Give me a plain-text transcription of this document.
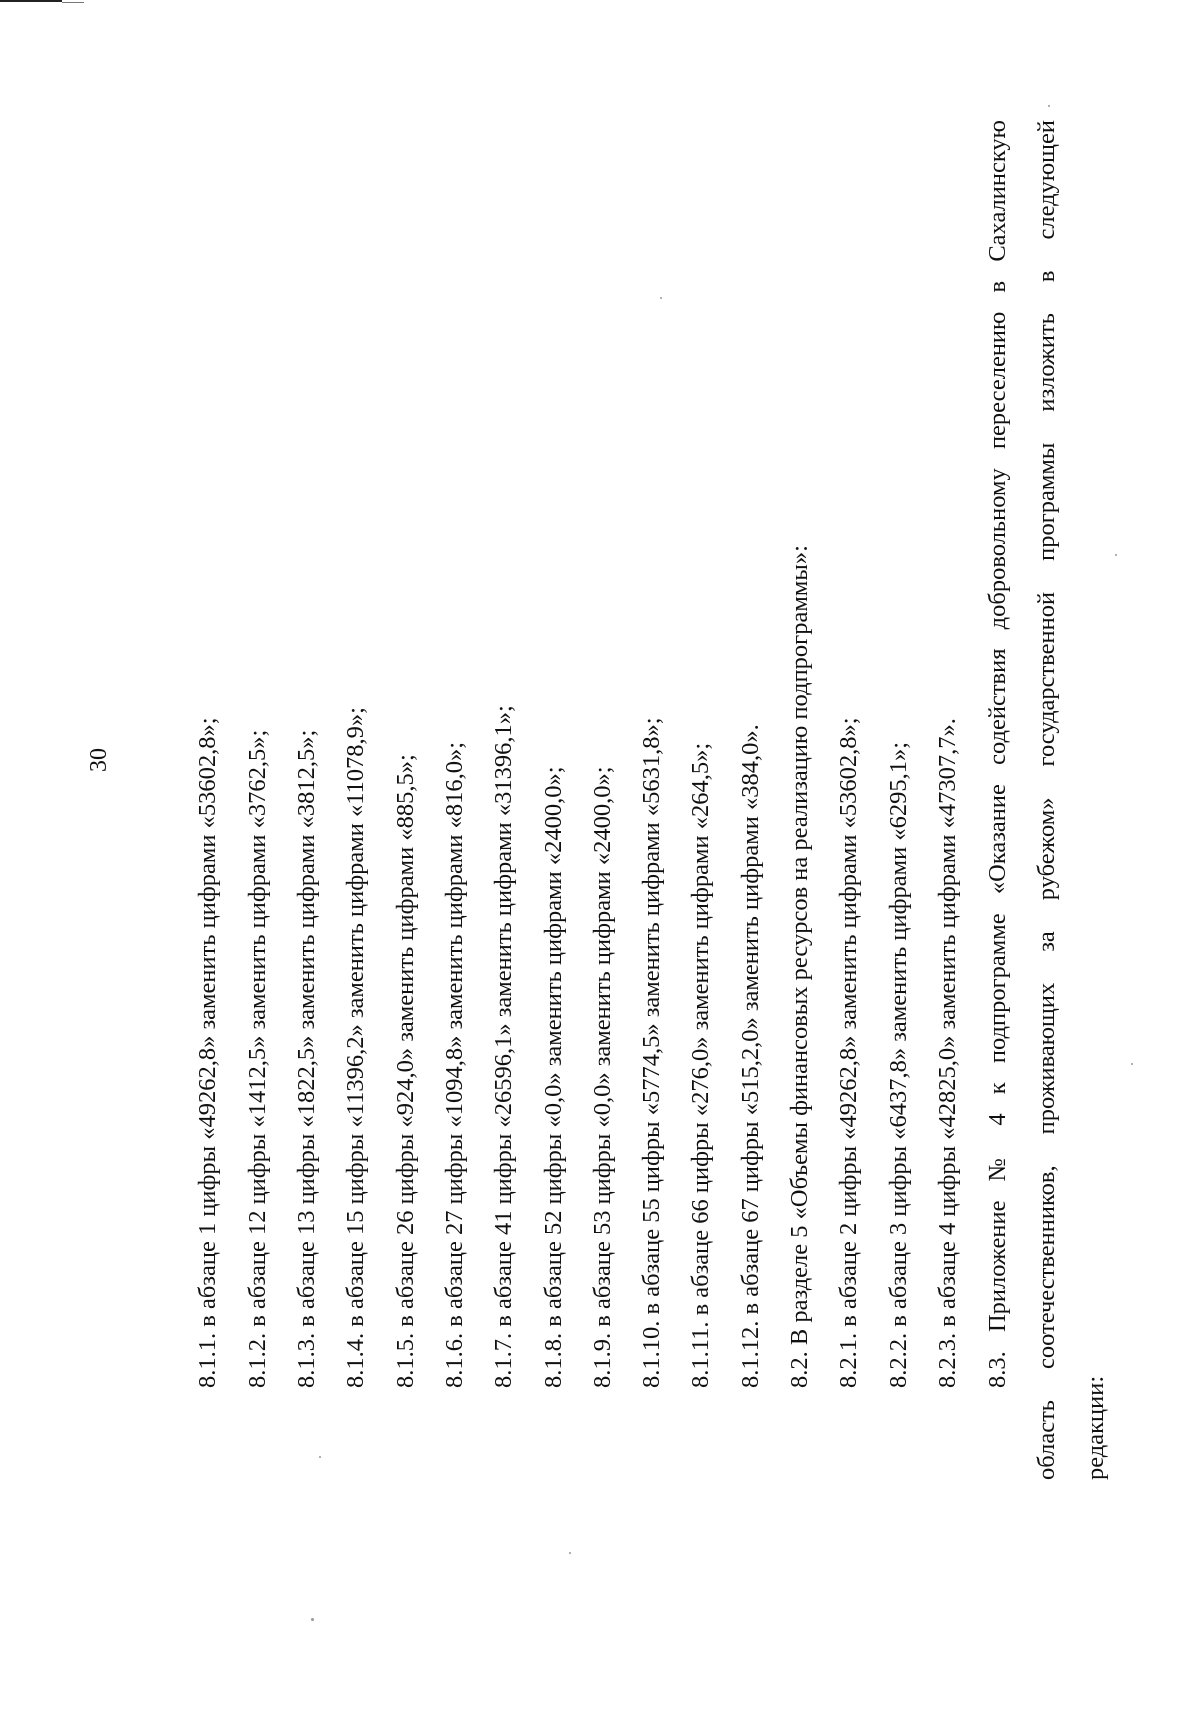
30	8.1.1. в абзаце 1 цифры «49262,8» заменить цифрами «53602,8»; 8.1.2. в абзаце 12 цифры «1412,5» заменить цифрами «3762,5»; 8.1.3. в абзаце 13 цифры «1822,5» заменить цифрами «3812,5»; 8.1.4. в абзаце 15 цифры «11396,2» заменить цифрами «11078,9»; 8.1.5. в абзаце 26 цифры «924,0» заменить цифрами «885,5»; 8.1.6. в абзаце 27 цифры «1094,8» заменить цифрами «816,0»; 8.1.7. в абзаце 41 цифры «26596,1» заменить цифрами «31396,1»; 8.1.8. в абзаце 52 цифры «0,0» заменить цифрами «2400,0»; 8.1.9. в абзаце 53 цифры «0,0» заменить цифрами «2400,0»; 8.1.10. в абзаце 55 цифры «5774,5» заменить цифрами «5631,8»; 8.1.11. в абзаце 66 цифры «276,0» заменить цифрами «264,5»; 8.1.12. в абзаце 67 цифры «515,2,0» заменить цифрами «384,0». 8.2. В разделе 5 «Объемы финансовых ресурсов на реализацию подпрограммы»: 8.2.1. в абзаце 2 цифры «49262,8» заменить цифрами «53602,8»; 8.2.2. в абзаце 3 цифры «6437,8» заменить цифрами «6295,1»; 8.2.3. в абзаце 4 цифры «42825,0» заменить цифрами «47307,7». 8.3. Приложение № 4 к подпрограмме «Оказание содействия добровольному переселению в Сахалинскую область соотечественников, проживающих за рубежом» государственной программы изложить в следующей редакции:
